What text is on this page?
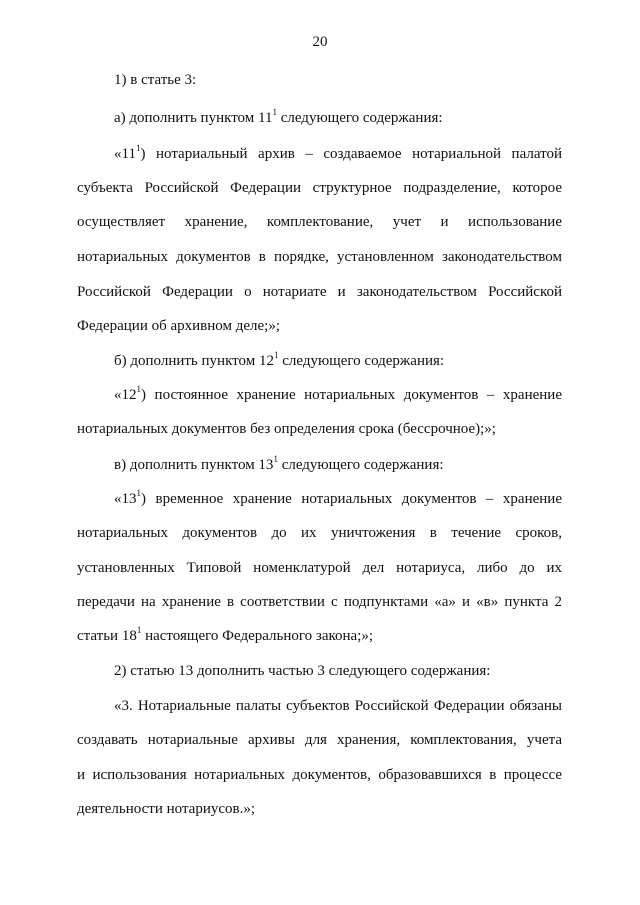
20
1) в статье 3:
а) дополнить пунктом $11^1$ следующего содержания:
«$11^1$) нотариальный архив – создаваемое нотариальной палатой
субъекта Российской Федерации структурное подразделение, которое
осуществляет хранение, комплектование, учет и использование
нотариальных документов в порядке, установленном законодательством
Российской Федерации о нотариате и законодательством Российской
Федерации об архивном деле;»;
б) дополнить пунктом $12^1$ следующего содержания:
«$12^1$) постоянное хранение нотариальных документов – хранение
нотариальных документов без определения срока (бессрочное);»;
в) дополнить пунктом $13^1$ следующего содержания:
«$13^1$) временное хранение нотариальных документов – хранение
нотариальных документов до их уничтожения в течение сроков,
установленных Типовой номенклатурой дел нотариуса, либо до их
передачи на хранение в соответствии с подпунктами «а» и «в» пункта 2
статьи $18^1$ настоящего Федерального закона;»;
2) статью 13 дополнить частью 3 следующего содержания:
«3. Нотариальные палаты субъектов Российской Федерации обязаны
создавать нотариальные архивы для хранения, комплектования, учета
и использования нотариальных документов, образовавшихся в процессе
деятельности нотариусов.»;
